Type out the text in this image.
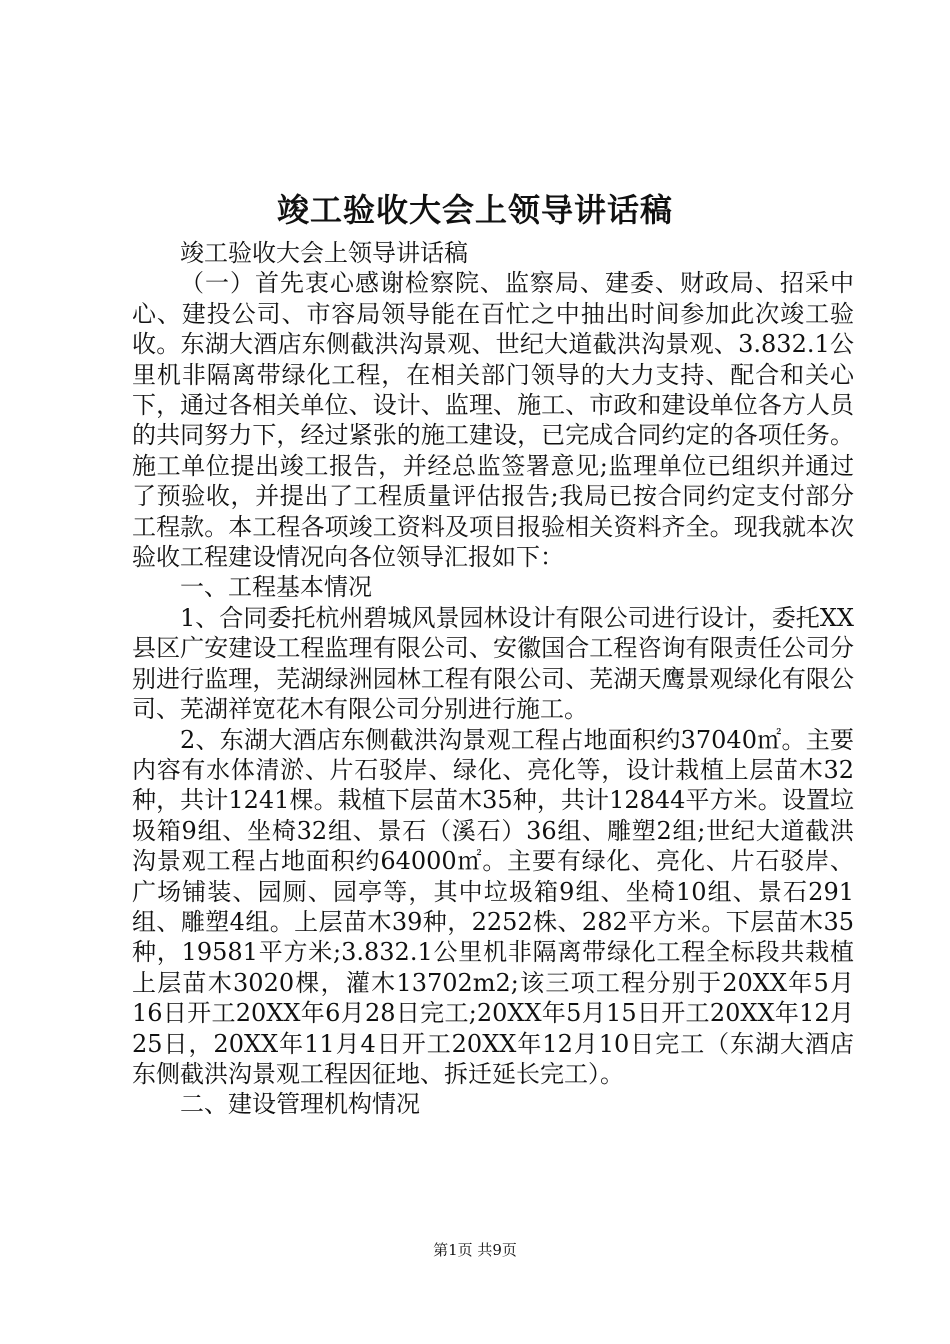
竣工验收大会上领导讲话稿

竣工验收大会上领导讲话稿

（一）首先衷心感谢检察院、监察局、建委、财政局、招采中心、建投公司、市容局领导能在百忙之中抽出时间参加此次竣工验收。东湖大酒店东侧截洪沟景观、世纪大道截洪沟景观、3.832.1公里机非隔离带绿化工程，在相关部门领导的大力支持、配合和关心下，通过各相关单位、设计、监理、施工、市政和建设单位各方人员的共同努力下，经过紧张的施工建设，已完成合同约定的各项任务。施工单位提出竣工报告，并经总监签署意见;监理单位已组织并通过了预验收，并提出了工程质量评估报告;我局已按合同约定支付部分工程款。本工程各项竣工资料及项目报验相关资料齐全。现我就本次验收工程建设情况向各位领导汇报如下：

一、工程基本情况

1、合同委托杭州碧城风景园林设计有限公司进行设计，委托XX县区广安建设工程监理有限公司、安徽国合工程咨询有限责任公司分别进行监理，芜湖绿洲园林工程有限公司、芜湖天鹰景观绿化有限公司、芜湖祥宽花木有限公司分别进行施工。

2、东湖大酒店东侧截洪沟景观工程占地面积约37040㎡。主要内容有水体清淤、片石驳岸、绿化、亮化等，设计栽植上层苗木32种，共计1241棵。栽植下层苗木35种，共计12844平方米。设置垃圾箱9组、坐椅32组、景石（溪石）36组、雕塑2组;世纪大道截洪沟景观工程占地面积约64000㎡。主要有绿化、亮化、片石驳岸、广场铺装、园厕、园亭等，其中垃圾箱9组、坐椅10组、景石291组、雕塑4组。上层苗木39种，2252株、282平方米。下层苗木35种，19581平方米;3.832.1公里机非隔离带绿化工程全标段共栽植上层苗木3020棵，灌木13702m2;该三项工程分别于20XX年5月16日开工20XX年6月28日完工;20XX年5月15日开工20XX年12月25日，20XX年11月4日开工20XX年12月10日完工（东湖大酒店东侧截洪沟景观工程因征地、拆迁延长完工）。

二、建设管理机构情况

第1页 共9页
